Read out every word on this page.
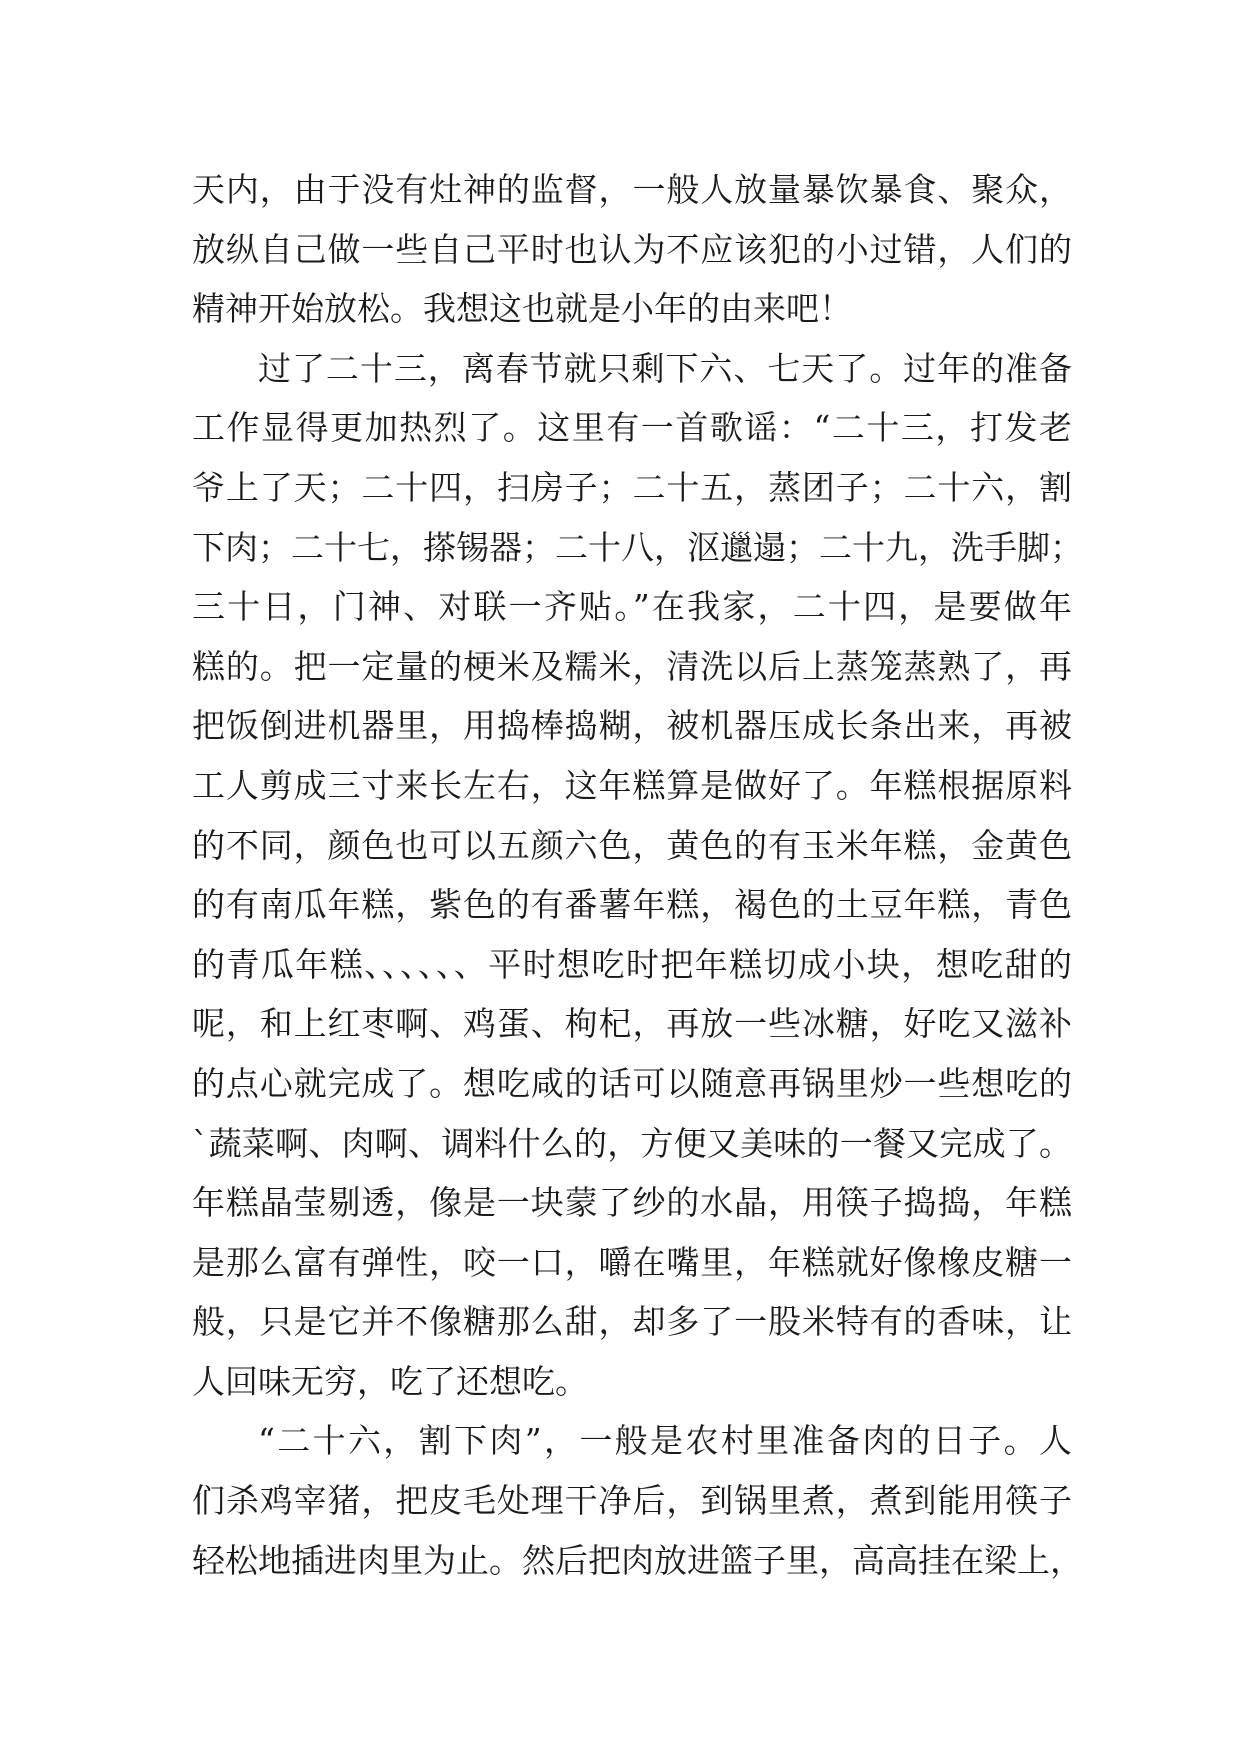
天内，由于没有灶神的监督，一般人放量暴饮暴食、聚众，
放纵自己做一些自己平时也认为不应该犯的小过错，人们的
精神开始放松。我想这也就是小年的由来吧！
过了二十三，离春节就只剩下六、七天了。过年的准备
工作显得更加热烈了。这里有一首歌谣：“二十三，打发老
爷上了天；二十四，扫房子；二十五，蒸团子；二十六，割
下肉；二十七，搽锡器；二十八，沤邋遢；二十九，洗手脚；
三十日，门神、对联一齐贴。”在我家，二十四，是要做年
糕的。把一定量的梗米及糯米，清洗以后上蒸笼蒸熟了，再
把饭倒进机器里，用捣棒捣糊，被机器压成长条出来，再被
工人剪成三寸来长左右，这年糕算是做好了。年糕根据原料
的不同，颜色也可以五颜六色，黄色的有玉米年糕，金黄色
的有南瓜年糕，紫色的有番薯年糕，褐色的土豆年糕，青色
的青瓜年糕、、、、、、平时想吃时把年糕切成小块，想吃甜的
呢，和上红枣啊、鸡蛋、枸杞，再放一些冰糖，好吃又滋补
的点心就完成了。想吃咸的话可以随意再锅里炒一些想吃的
`蔬菜啊、肉啊、调料什么的，方便又美味的一餐又完成了。
年糕晶莹剔透，像是一块蒙了纱的水晶，用筷子捣捣，年糕
是那么富有弹性，咬一口，嚼在嘴里，年糕就好像橡皮糖一
般，只是它并不像糖那么甜，却多了一股米特有的香味，让
人回味无穷，吃了还想吃。
“二十六，割下肉”，一般是农村里准备肉的日子。人
们杀鸡宰猪，把皮毛处理干净后，到锅里煮，煮到能用筷子
轻松地插进肉里为止。然后把肉放进篮子里，高高挂在梁上，
